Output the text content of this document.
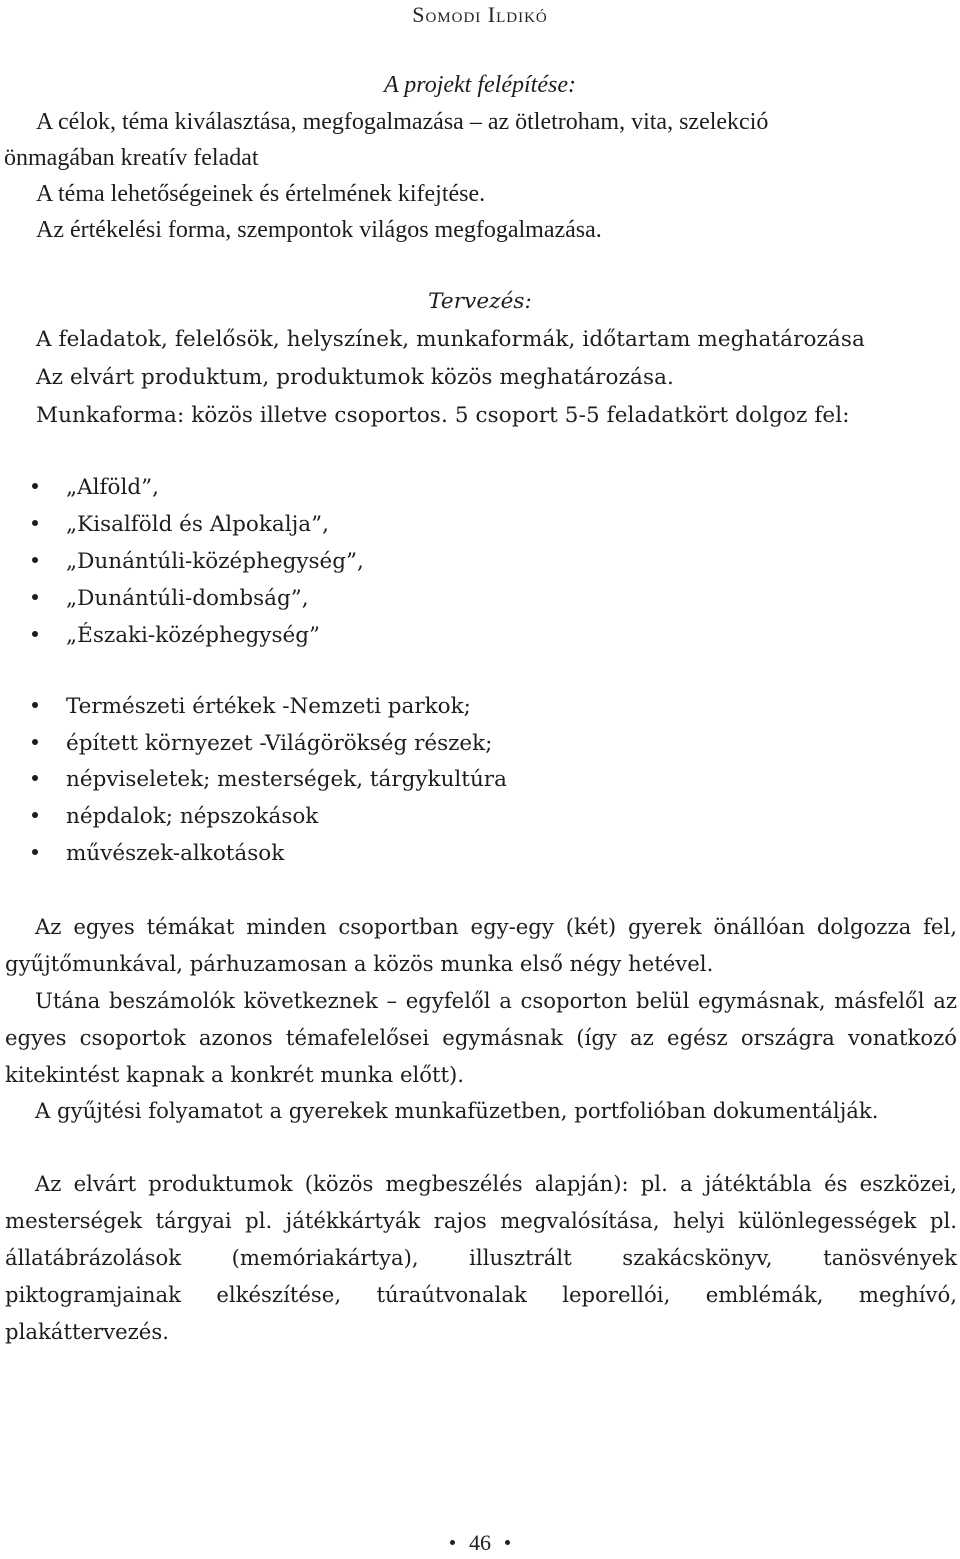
Somodi Ildikó
A projekt felépítése:
A célok, téma kiválasztása, megfogalmazása – az ötletroham, vita, szelekció
önmagában kreatív feladat
A téma lehetőségeinek és értelmének kifejtése.
Az értékelési forma, szempontok világos megfogalmazása.
Tervezés:
A feladatok, felelősök, helyszínek, munkaformák, időtartam meghatározása
Az elvárt produktum, produktumok közös meghatározása.
Munkaforma: közös illetve csoportos. 5 csoport 5-5 feladatkört dolgoz fel:
„Alföld”,
„Kisalföld és Alpokalja”,
„Dunántúli-középhegység”,
„Dunántúli-dombság”,
„Északi-középhegység”
Természeti értékek -Nemzeti parkok;
épített környezet -Világörökség részek;
népviseletek; mesterségek, tárgykultúra
népdalok; népszokások
művészek-alkotások
Az egyes témákat minden csoportban egy-egy (két) gyerek önállóan dolgozza fel, gyűjtőmunkával, párhuzamosan a közös munka első négy hetével.
Utána beszámolók következnek – egyfelől a csoporton belül egymásnak, másfelől az egyes csoportok azonos témafelelősei egymásnak (így az egész országra vonatkozó kitekintést kapnak a konkrét munka előtt).
A gyűjtési folyamatot a gyerekek munkafüzetben, portfolióban dokumentálják.
Az elvárt produktumok (közös megbeszélés alapján): pl. a játéktábla és eszközei, mesterségek tárgyai pl. játékkártyák rajos megvalósítása, helyi különlegességek pl. állatábrázolások (memóriakártya), illusztrált szakácskönyv, tanösvények piktogramjainak elkészítése, túraútvonalak leporellói, emblémák, meghívó, plakáttervezés.
46
